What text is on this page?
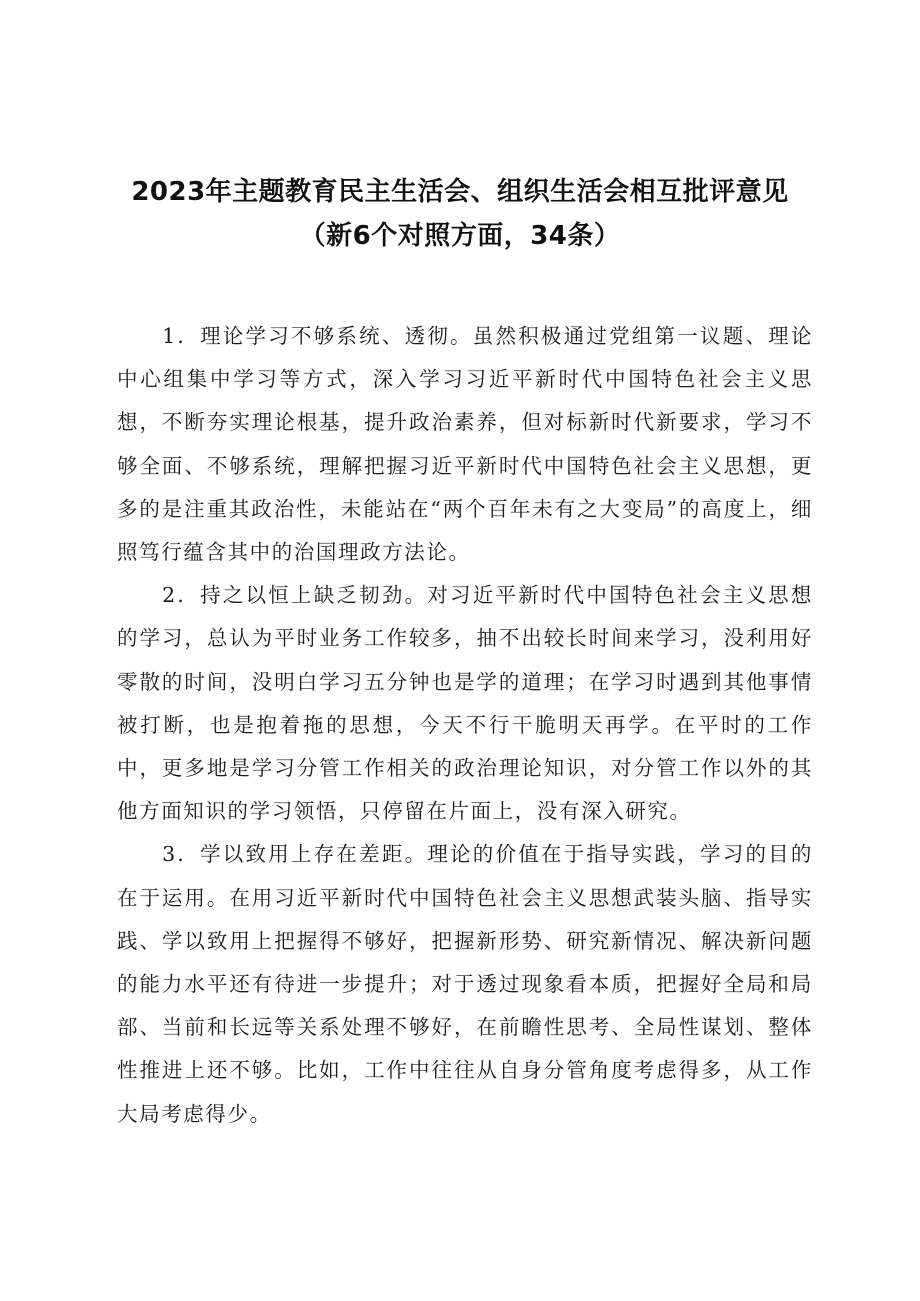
2023年主题教育民主生活会、组织生活会相互批评意见
（新6个对照方面，34条）

1．理论学习不够系统、透彻。虽然积极通过党组第一议题、理论中心组集中学习等方式，深入学习习近平新时代中国特色社会主义思想，不断夯实理论根基，提升政治素养，但对标新时代新要求，学习不够全面、不够系统，理解把握习近平新时代中国特色社会主义思想，更多的是注重其政治性，未能站在“两个百年未有之大变局”的高度上，细照笃行蕴含其中的治国理政方法论。

2．持之以恒上缺乏韧劲。对习近平新时代中国特色社会主义思想的学习，总认为平时业务工作较多，抽不出较长时间来学习，没利用好零散的时间，没明白学习五分钟也是学的道理；在学习时遇到其他事情被打断，也是抱着拖的思想，今天不行干脆明天再学。在平时的工作中，更多地是学习分管工作相关的政治理论知识，对分管工作以外的其他方面知识的学习领悟，只停留在片面上，没有深入研究。

3．学以致用上存在差距。理论的价值在于指导实践，学习的目的在于运用。在用习近平新时代中国特色社会主义思想武装头脑、指导实践、学以致用上把握得不够好，把握新形势、研究新情况、解决新问题的能力水平还有待进一步提升；对于透过现象看本质，把握好全局和局部、当前和长远等关系处理不够好，在前瞻性思考、全局性谋划、整体性推进上还不够。比如，工作中往往从自身分管角度考虑得多，从工作大局考虑得少。
